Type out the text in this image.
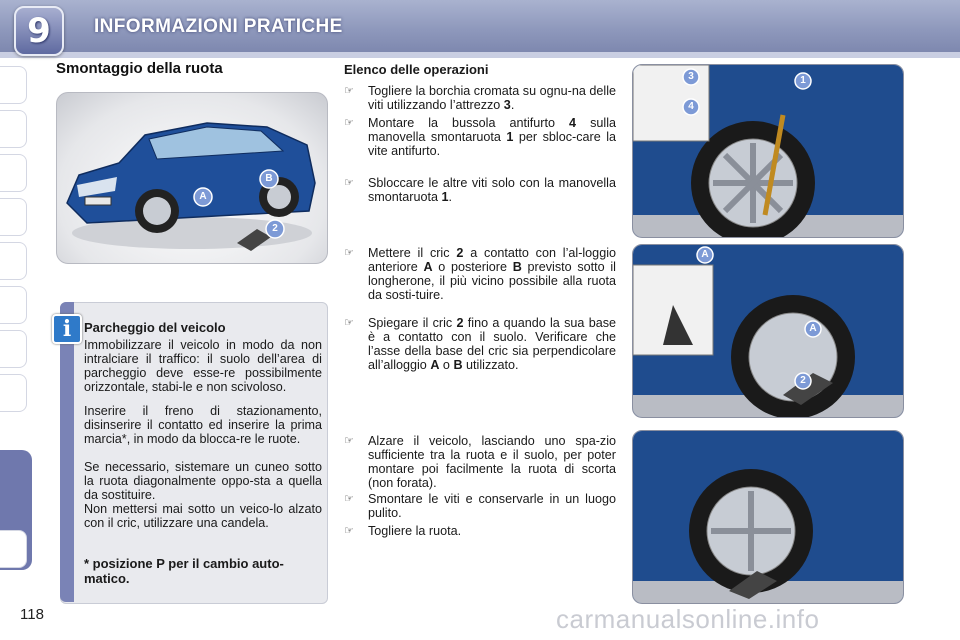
9 INFORMAZIONI PRATICHE
Smontaggio della ruota
A
B
2
i Parcheggio del veicolo
Immobilizzare il veicolo in modo da non intralciare il traffico: il suolo dell’area di parcheggio deve esse-re possibilmente orizzontale, stabi-le e non scivoloso.
Inserire il freno di stazionamento, disinserire il contatto ed inserire la prima marcia*, in modo da blocca-re le ruote.
Se necessario, sistemare un cuneo sotto la ruota diagonalmente oppo-sta a quella da sostituire.
Non mettersi mai sotto un veico-lo alzato con il cric, utilizzare una candela.
* posizione P per il cambio auto-matico.
Elenco delle operazioni
☞ Togliere la borchia cromata su ognu-na delle viti utilizzando l’attrezzo 3.
☞ Montare la bussola antifurto 4 sulla manovella smontaruota 1 per sbloc-care la vite antifurto.
☞ Sbloccare le altre viti solo con la manovella smontaruota 1.
☞ Mettere il cric 2 a contatto con l’al-loggio anteriore A o posteriore B previsto sotto il longherone, il più vicino possibile alla ruota da sosti-tuire.
☞ Spiegare il cric 2 fino a quando la sua base è a contatto con il suolo. Verificare che l’asse della base del cric sia perpendicolare all’alloggio A o B utilizzato.
☞ Alzare il veicolo, lasciando uno spa-zio sufficiente tra la ruota e il suolo, per poter montare poi facilmente la ruota di scorta (non forata).
☞ Smontare le viti e conservarle in un luogo pulito.
☞ Togliere la ruota.
3	1
4
A
A
2
118	carmanualsonline.info
